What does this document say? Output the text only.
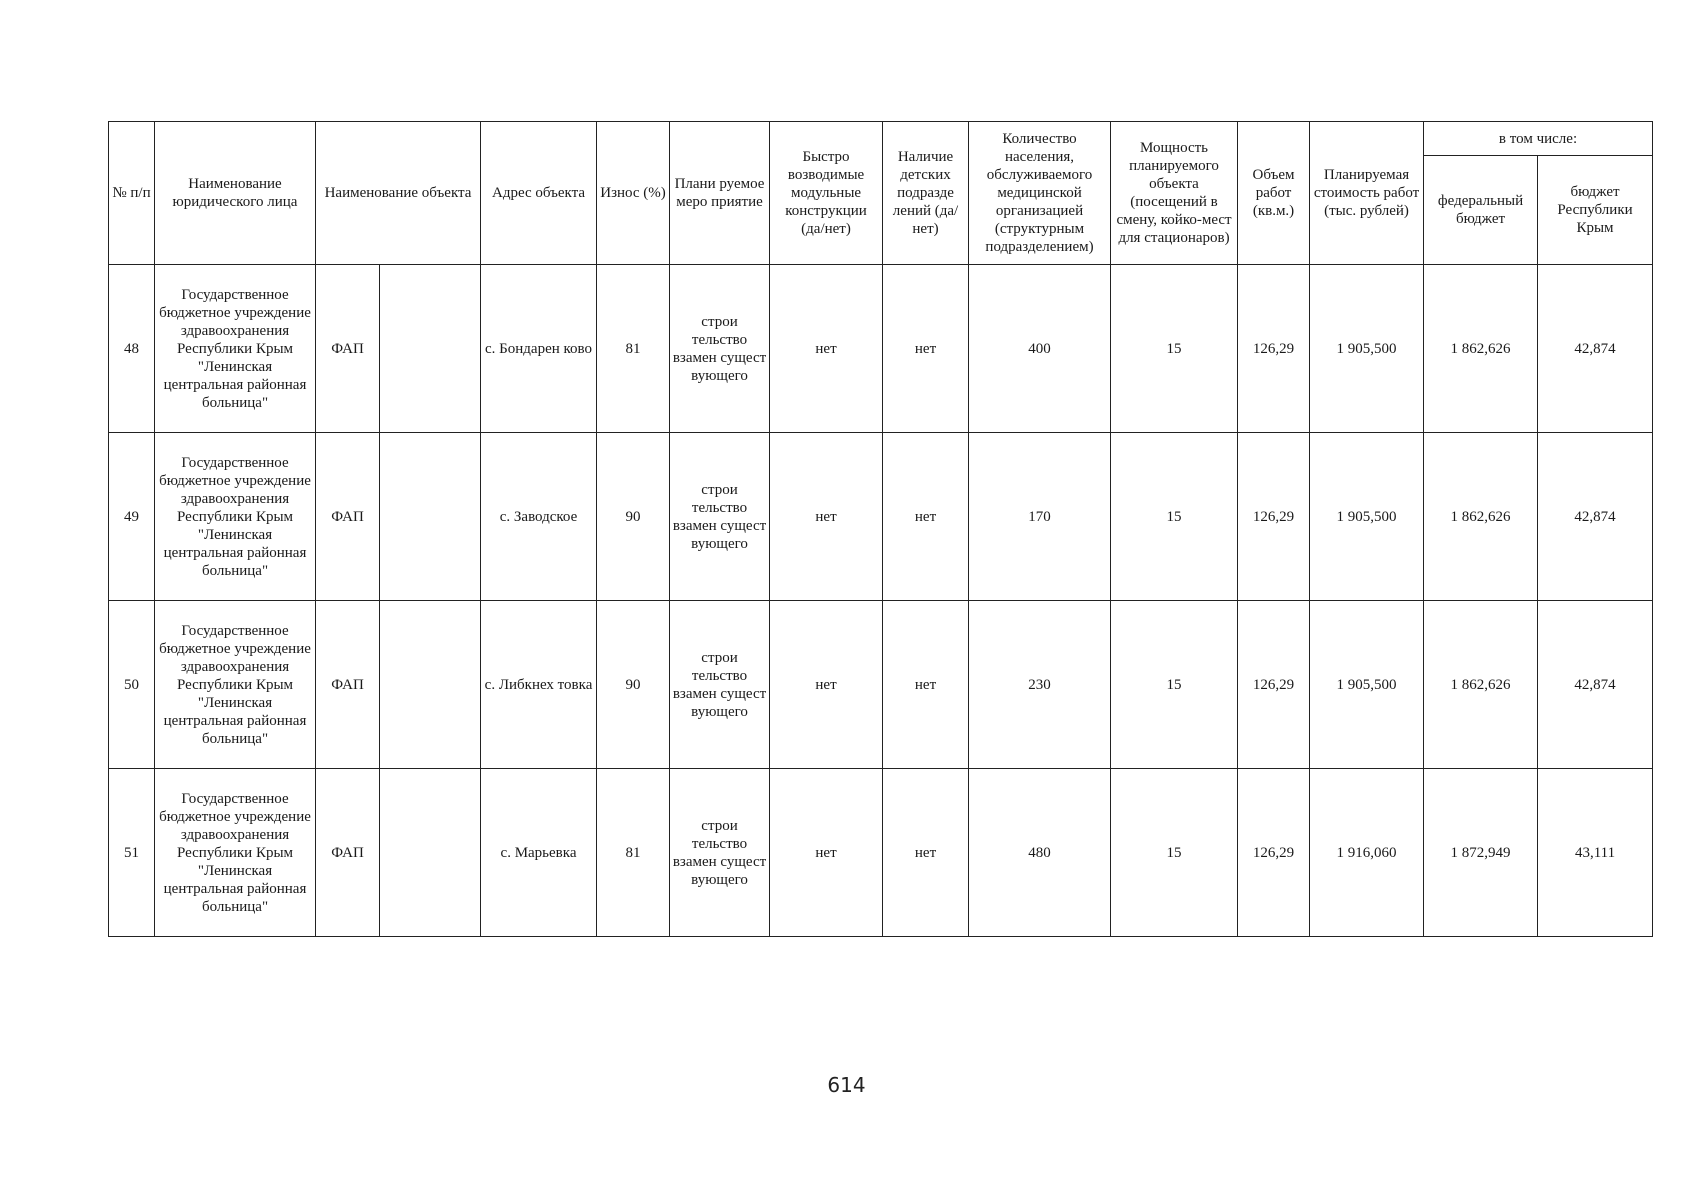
№ п/п	Наименование юридического лица	Наименование объекта		Адрес объекта	Износ (%)	Плани руемое меро приятие	Быстро возводимые модульные конструкции (да/нет)	Наличие детских подразде лений (да/нет)	Количество населения, обслуживаемого медицинской организацией (структурным подразделением)	Мощность планируемого объекта (посещений в смену, койко-мест для стационаров)	Объем работ (кв.м.)	Планируемая стоимость работ (тыс. рублей)	в том числе:	
													федеральный бюджет	бюджет Республики Крым
48	Государственное бюджетное учреждение здравоохранения Республики Крым "Ленинская центральная районная больница"	ФАП		с. Бондарен ково	81	строи тельство взамен сущест вующего	нет	нет	400	15	126,29	1 905,500	1 862,626	42,874
49	Государственное бюджетное учреждение здравоохранения Республики Крым "Ленинская центральная районная больница"	ФАП		с. Заводское	90	строи тельство взамен сущест вующего	нет	нет	170	15	126,29	1 905,500	1 862,626	42,874
50	Государственное бюджетное учреждение здравоохранения Республики Крым "Ленинская центральная районная больница"	ФАП		с. Либкнех товка	90	строи тельство взамен сущест вующего	нет	нет	230	15	126,29	1 905,500	1 862,626	42,874
51	Государственное бюджетное учреждение здравоохранения Республики Крым "Ленинская центральная районная больница"	ФАП		с. Марьевка	81	строи тельство взамен сущест вующего	нет	нет	480	15	126,29	1 916,060	1 872,949	43,111
614
